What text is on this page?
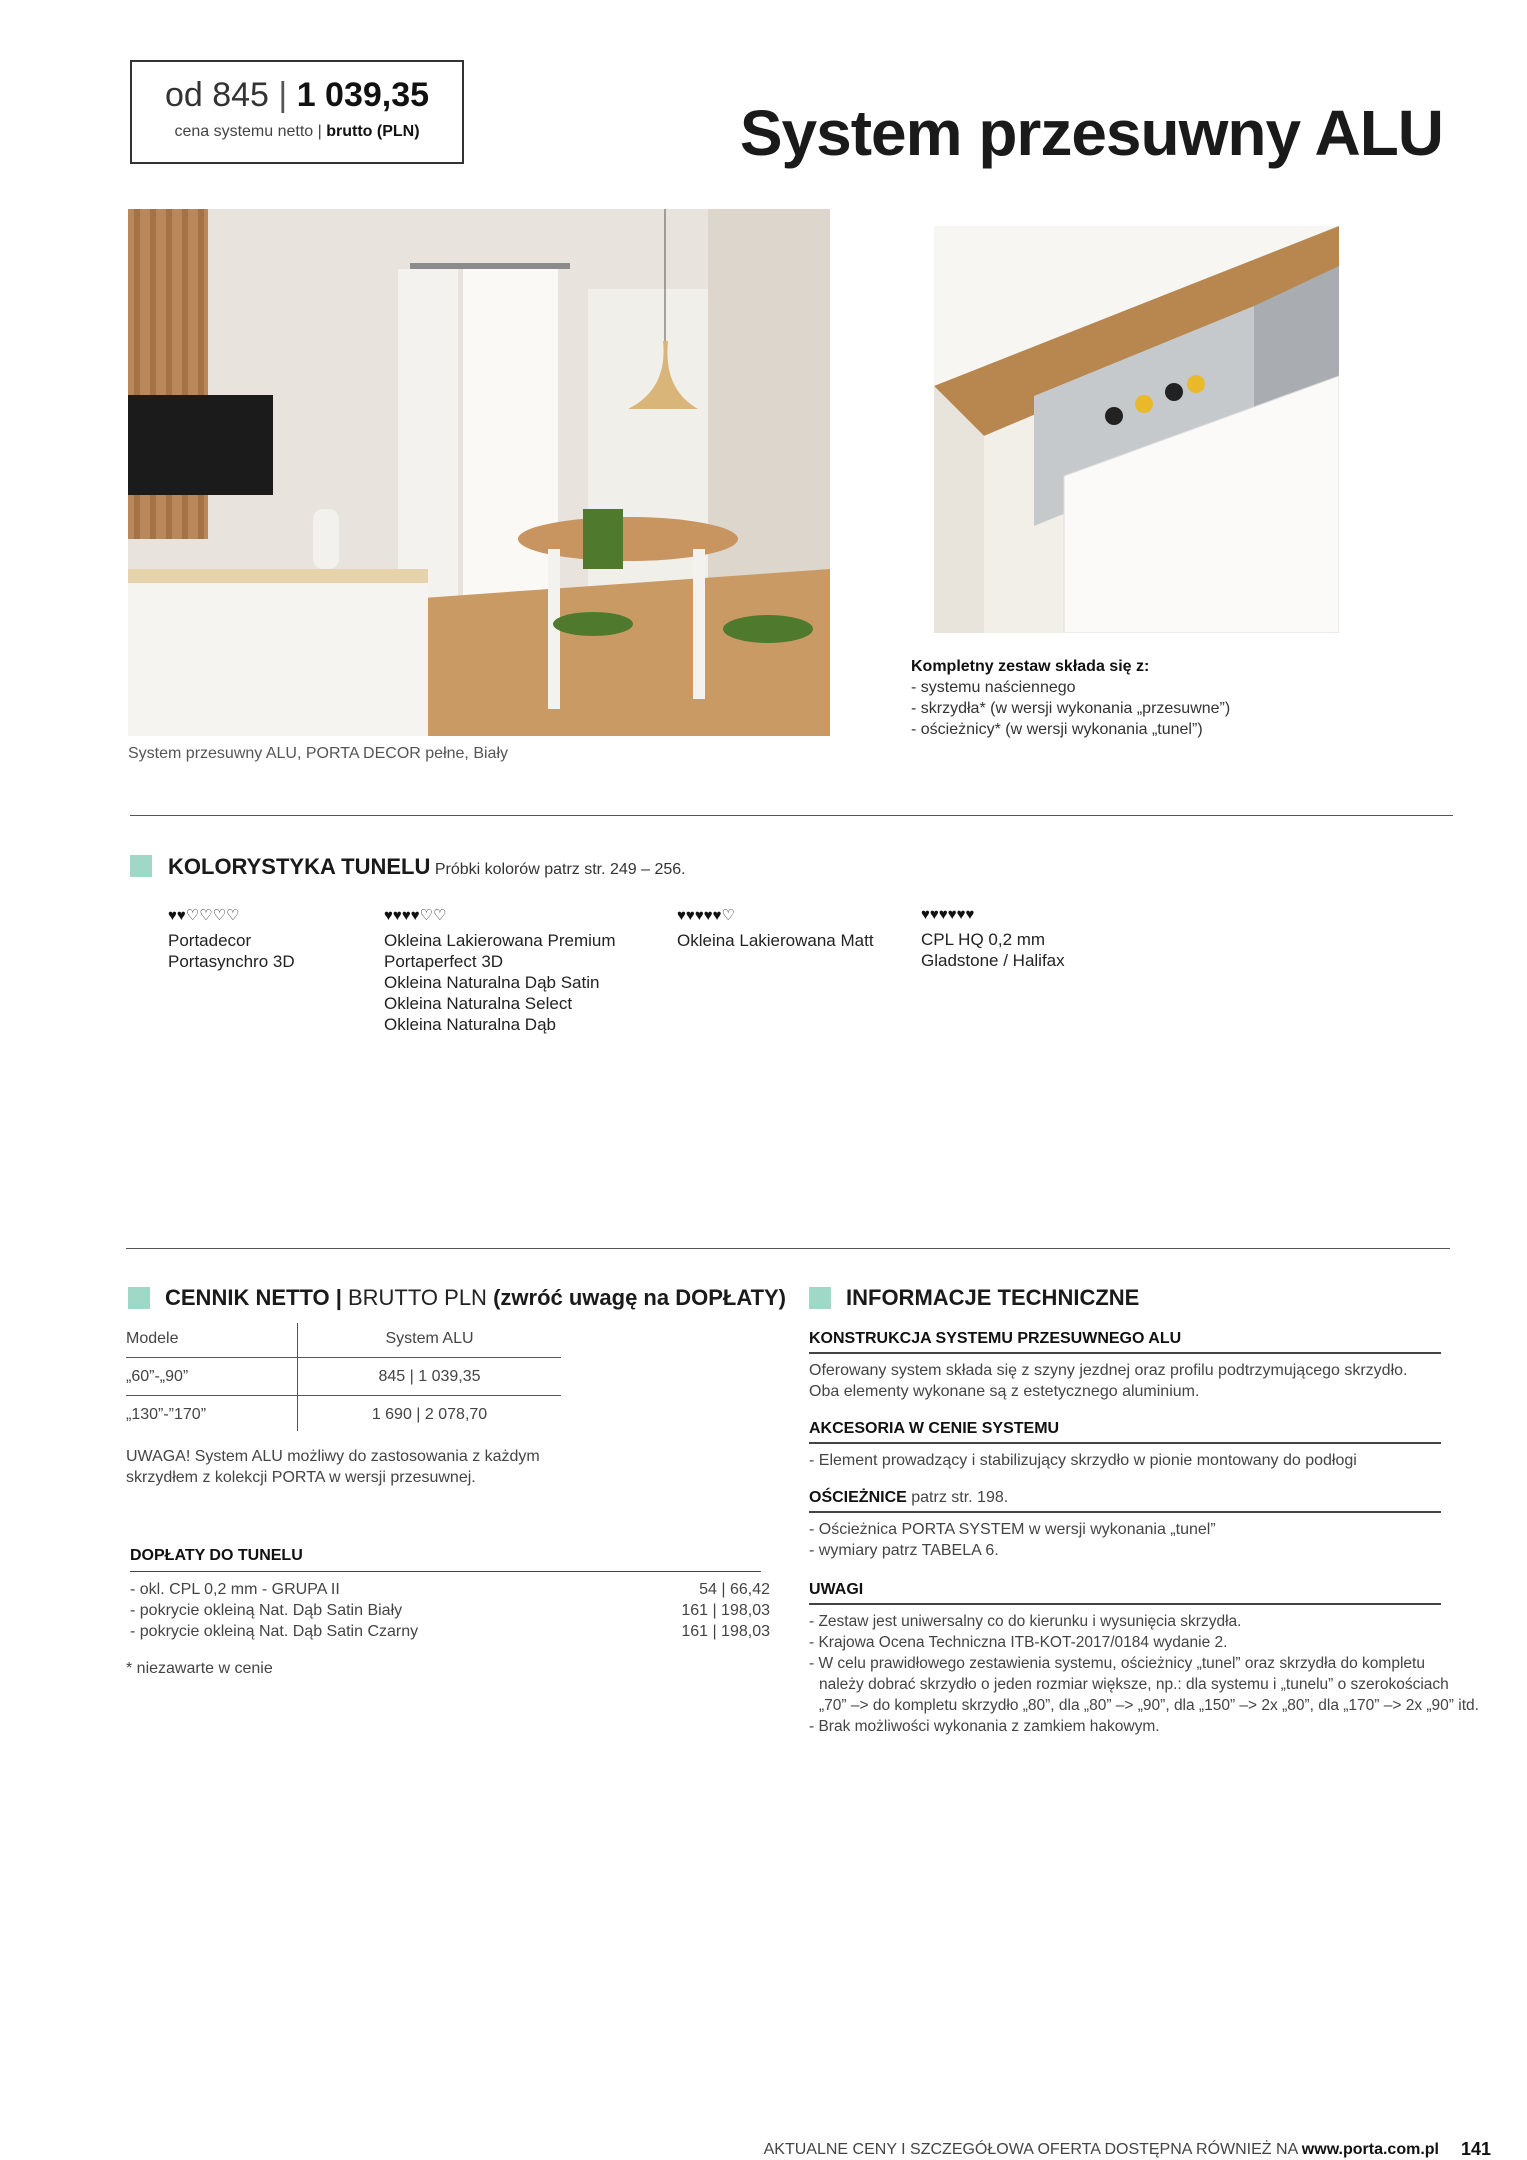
od 845 | 1 039,35
cena systemu netto | brutto (PLN)	System przesuwny ALU
System przesuwny ALU, PORTA DECOR pełne, Biały
Kompletny zestaw składa się z:
- systemu naściennego
- skrzydła* (w wersji wykonania „przesuwne”)
- ościeżnicy* (w wersji wykonania „tunel”)
KOLORYSTYKA TUNELU Próbki kolorów patrz str. 249 – 256.
♥♥♡♡♡♡
Portadecor
Portasynchro 3D
♥♥♥♥♡♡
Okleina Lakierowana Premium
Portaperfect 3D
Okleina Naturalna Dąb Satin
Okleina Naturalna Select
Okleina Naturalna Dąb
♥♥♥♥♥♡
Okleina Lakierowana Matt
♥♥♥♥♥♥
CPL HQ 0,2 mm
Gladstone / Halifax
CENNIK NETTO | BRUTTO PLN (zwróć uwagę na DOPŁATY)
Modele	System ALU
„60”-„90”	845 | 1 039,35
„130”-”170”	1 690 | 2 078,70
UWAGA! System ALU możliwy do zastosowania z każdym skrzydłem z kolekcji PORTA w wersji przesuwnej.
DOPŁATY DO TUNELU
- okl. CPL 0,2 mm - GRUPA II	54 | 66,42
- pokrycie okleiną Nat. Dąb Satin Biały	161 | 198,03
- pokrycie okleiną Nat. Dąb Satin Czarny	161 | 198,03
* niezawarte w cenie
INFORMACJE TECHNICZNE
KONSTRUKCJA SYSTEMU PRZESUWNEGO ALU
Oferowany system składa się z szyny jezdnej oraz profilu podtrzymującego skrzydło. Oba elementy wykonane są z estetycznego aluminium.
AKCESORIA W CENIE SYSTEMU
- Element prowadzący i stabilizujący skrzydło w pionie montowany do podłogi
OŚCIEŻNICE patrz str. 198.
- Ościeżnica PORTA SYSTEM w wersji wykonania „tunel”
- wymiary patrz TABELA 6.
UWAGI
- Zestaw jest uniwersalny co do kierunku i wysunięcia skrzydła.
- Krajowa Ocena Techniczna ITB-KOT-2017/0184 wydanie 2.
- W celu prawidłowego zestawienia systemu, ościeżnicy „tunel” oraz skrzydła do kompletu
należy dobrać skrzydło o jeden rozmiar większe, np.: dla systemu i „tunelu” o szerokościach
„70” –> do kompletu skrzydło „80”, dla „80” –> „90”, dla „150” –> 2x „80”, dla „170” –> 2x „90” itd.
- Brak możliwości wykonania z zamkiem hakowym.
AKTUALNE CENY I SZCZEGÓŁOWA OFERTA DOSTĘPNA RÓWNIEŻ NA www.porta.com.pl 141
